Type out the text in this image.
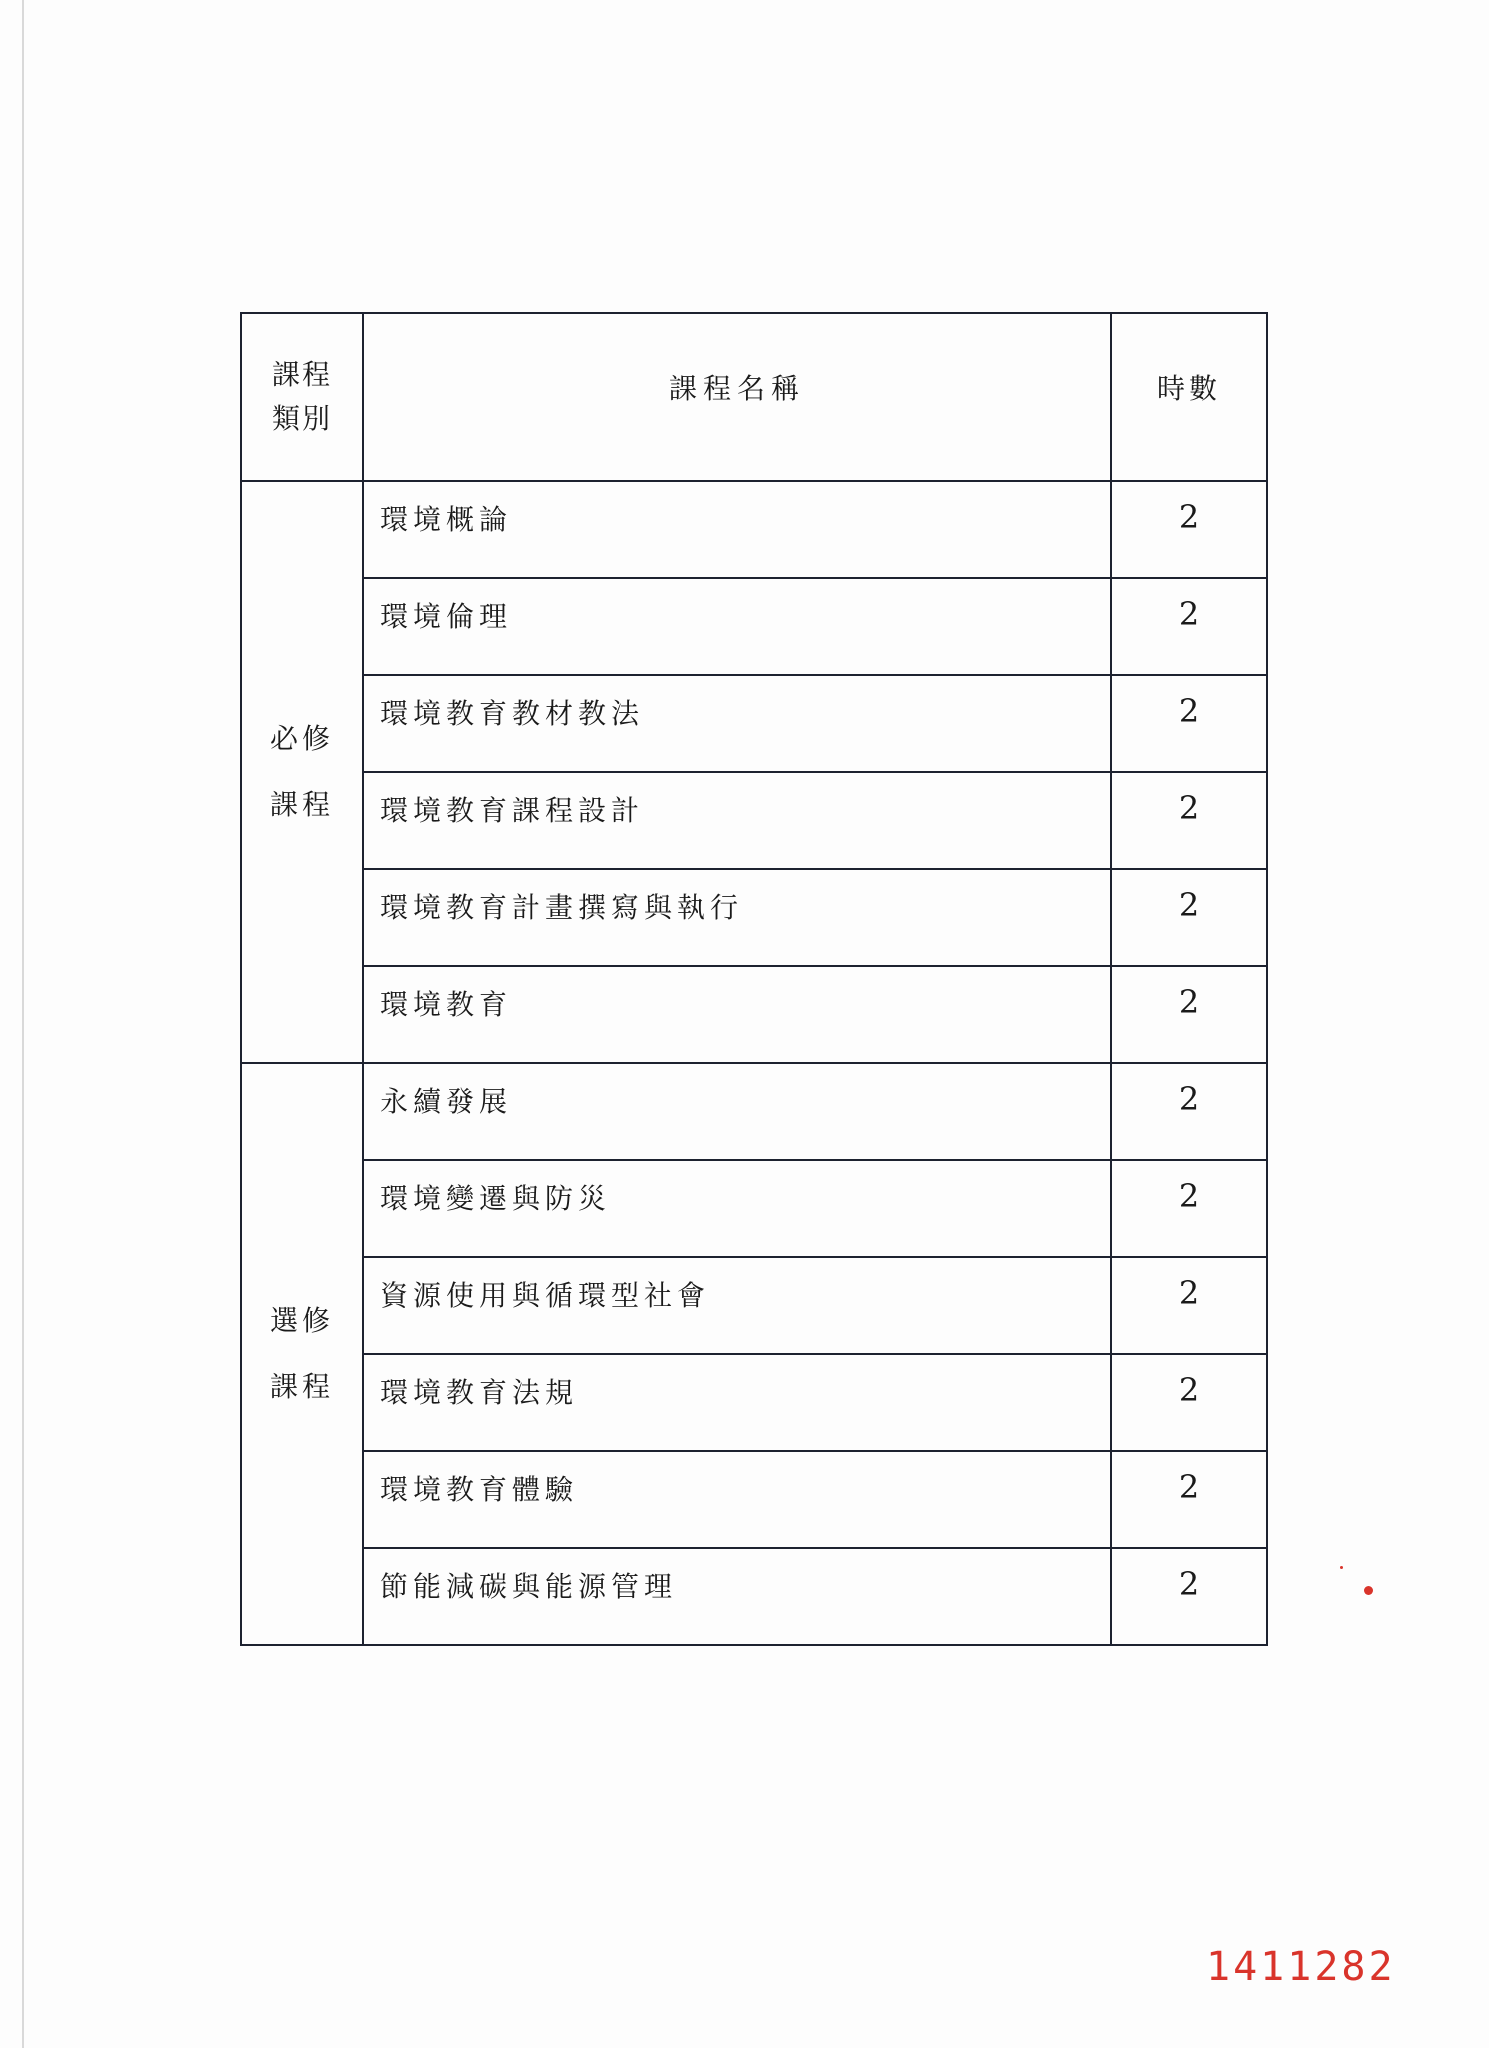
課程
類別	課程名稱	時數

必修
課程	環境概論	2
	環境倫理	2
	環境教育教材教法	2
	環境教育課程設計	2
	環境教育計畫撰寫與執行	2
	環境教育	2

選修
課程	永續發展	2
	環境變遷與防災	2
	資源使用與循環型社會	2
	環境教育法規	2
	環境教育體驗	2
	節能減碳與能源管理	2
1411282
